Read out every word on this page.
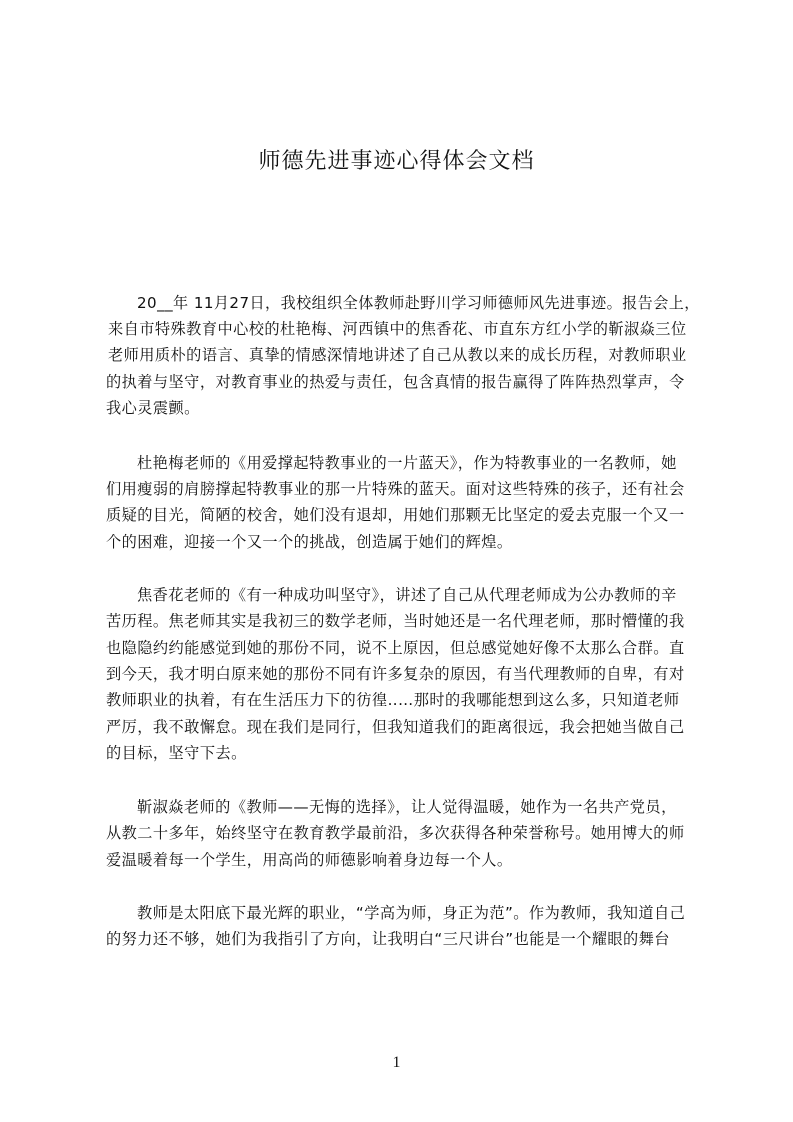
师德先进事迹心得体会文档
20__年 11月27日，我校组织全体教师赴野川学习师德师风先进事迹。报告会上，
来自市特殊教育中心校的杜艳梅、河西镇中的焦香花、市直东方红小学的靳淑焱三位
老师用质朴的语言、真挚的情感深情地讲述了自己从教以来的成长历程，对教师职业
的执着与坚守，对教育事业的热爱与责任，包含真情的报告赢得了阵阵热烈掌声，令
我心灵震颤。
杜艳梅老师的《用爱撑起特教事业的一片蓝天》，作为特教事业的一名教师，她
们用瘦弱的肩膀撑起特教事业的那一片特殊的蓝天。面对这些特殊的孩子，还有社会
质疑的目光，简陋的校舍，她们没有退却，用她们那颗无比坚定的爱去克服一个又一
个的困难，迎接一个又一个的挑战，创造属于她们的辉煌。
焦香花老师的《有一种成功叫坚守》，讲述了自己从代理老师成为公办教师的辛
苦历程。焦老师其实是我初三的数学老师，当时她还是一名代理老师，那时懵懂的我
也隐隐约约能感觉到她的那份不同，说不上原因，但总感觉她好像不太那么合群。直
到今天，我才明白原来她的那份不同有许多复杂的原因，有当代理教师的自卑，有对
教师职业的执着，有在生活压力下的彷徨‥…那时的我哪能想到这么多，只知道老师
严厉，我不敢懈怠。现在我们是同行，但我知道我们的距离很远，我会把她当做自己
的目标，坚守下去。
靳淑焱老师的《教师——无悔的选择》，让人觉得温暖，她作为一名共产党员，
从教二十多年，始终坚守在教育教学最前沿，多次获得各种荣誉称号。她用博大的师
爱温暖着每一个学生，用高尚的师德影响着身边每一个人。
教师是太阳底下最光辉的职业，“学高为师，身正为范”。作为教师，我知道自己
的努力还不够，她们为我指引了方向，让我明白“三尺讲台”也能是一个耀眼的舞台
1
